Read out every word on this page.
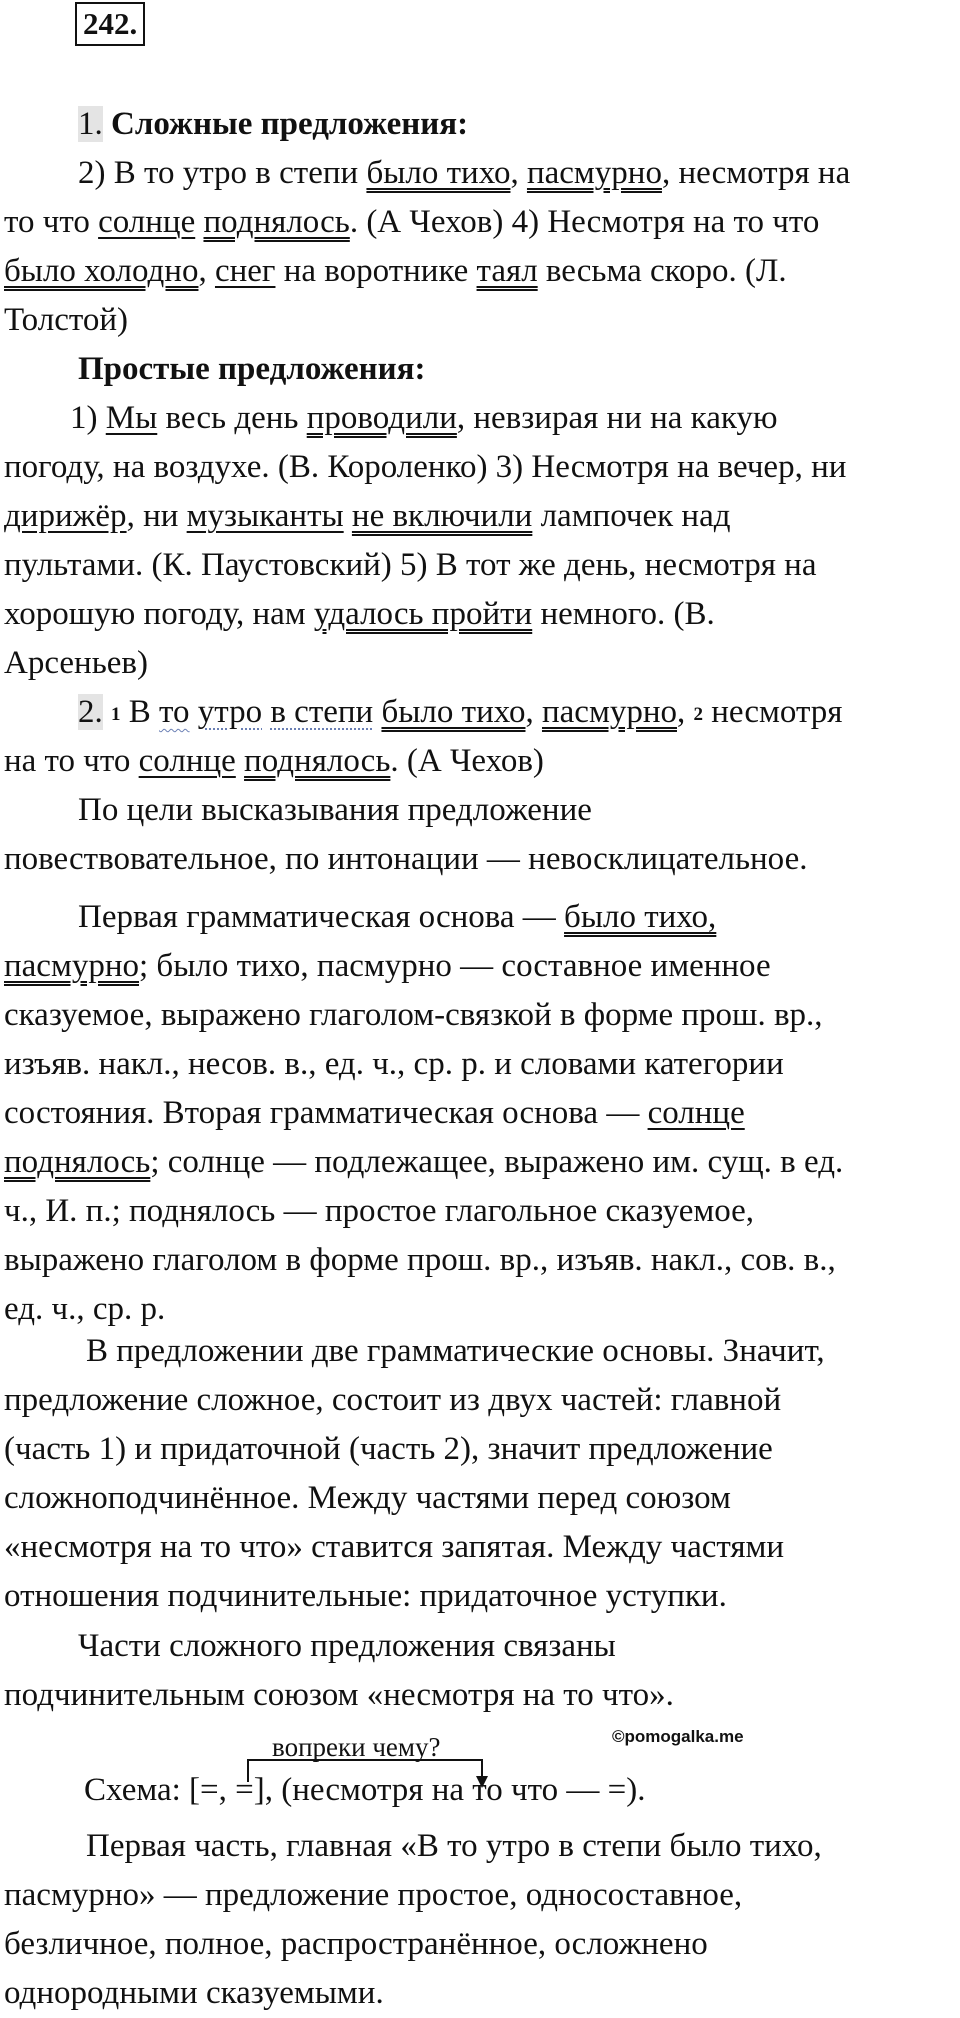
242.
1. Сложные предложения:
2) В то утро в степи было тихо, пасмурно, несмотря на
то что солнце поднялось. (А Чехов) 4) Несмотря на то что
было холодно, снег на воротнике таял весьма скоро. (Л.
Толстой)
Простые предложения:
1) Мы весь день проводили, невзирая ни на какую
погоду, на воздухе. (В. Короленко) 3) Несмотря на вечер, ни
дирижёр, ни музыканты не включили лампочек над
пультами. (К. Паустовский) 5) В тот же день, несмотря на
хорошую погоду, нам удалось пройти немного. (В.
Арсеньев)
2. 1 В то утро в степи было тихо, пасмурно, 2 несмотря
на то что солнце поднялось. (А Чехов)
По цели высказывания предложение
повествовательное, по интонации — невосклицательное.
Первая грамматическая основа — было тихо,
пасмурно; было тихо, пасмурно — составное именное
сказуемое, выражено глаголом-связкой в форме прош. вр.,
изъяв. накл., несов. в., ед. ч., ср. р. и словами категории
состояния. Вторая грамматическая основа — солнце
поднялось; солнце — подлежащее, выражено им. сущ. в ед.
ч., И. п.; поднялось — простое глагольное сказуемое,
выражено глаголом в форме прош. вр., изъяв. накл., сов. в.,
ед. ч., ср. р.
В предложении две грамматические основы. Значит,
предложение сложное, состоит из двух частей: главной
(часть 1) и придаточной (часть 2), значит предложение
сложноподчинённое. Между частями перед союзом
«несмотря на то что» ставится запятая. Между частями
отношения подчинительные: придаточное уступки.
Части сложного предложения связаны
подчинительным союзом «несмотря на то что».
©pomogalka.me
вопреки чему?
Схема: [=, =], (несмотря на то что — =).
Первая часть, главная «В то утро в степи было тихо,
пасмурно» — предложение простое, односоставное,
безличное, полное, распространённое, осложнено
однородными сказуемыми.
